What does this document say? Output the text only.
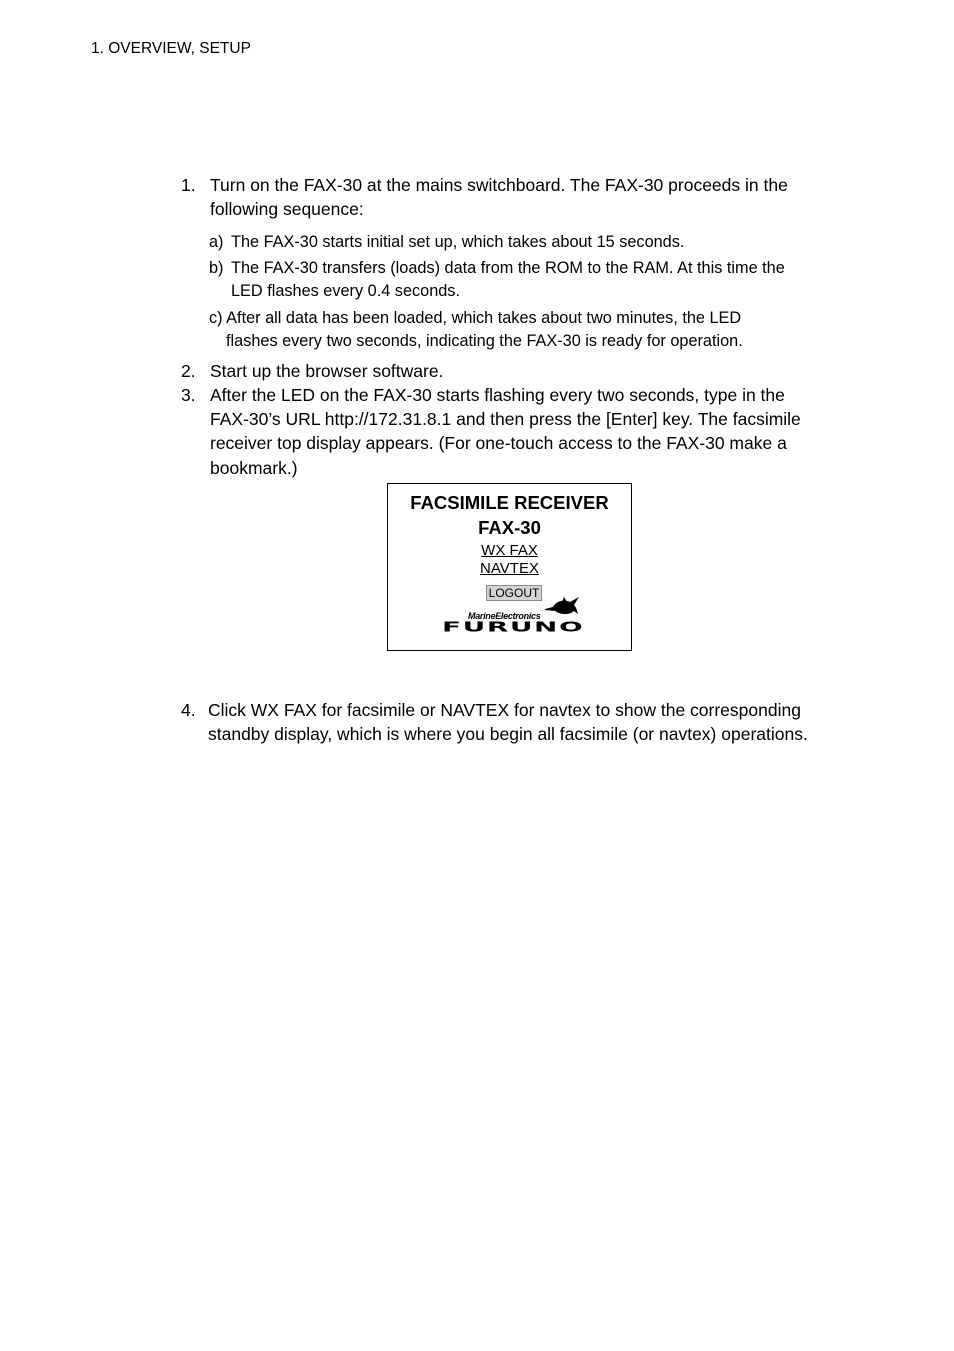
1. OVERVIEW, SETUP
1. Turn on the FAX-30 at the mains switchboard. The FAX-30 proceeds in the
following sequence:
a) The FAX-30 starts initial set up, which takes about 15 seconds.
b) The FAX-30 transfers (loads) data from the ROM to the RAM. At this time the
LED flashes every 0.4 seconds.
c) After all data has been loaded, which takes about two minutes, the LED
flashes every two seconds, indicating the FAX-30 is ready for operation.
2. Start up the browser software.
3. After the LED on the FAX-30 starts flashing every two seconds, type in the
FAX-30’s URL http://172.31.8.1 and then press the [Enter] key. The facsimile
receiver top display appears. (For one-touch access to the FAX-30 make a
bookmark.)
FACSIMILE RECEIVER
FAX-30
WX FAX
NAVTEX
LOGOUT
MarineElectronics
FURUNO
4. Click WX FAX for facsimile or NAVTEX for navtex to show the corresponding
standby display, which is where you begin all facsimile (or navtex) operations.
